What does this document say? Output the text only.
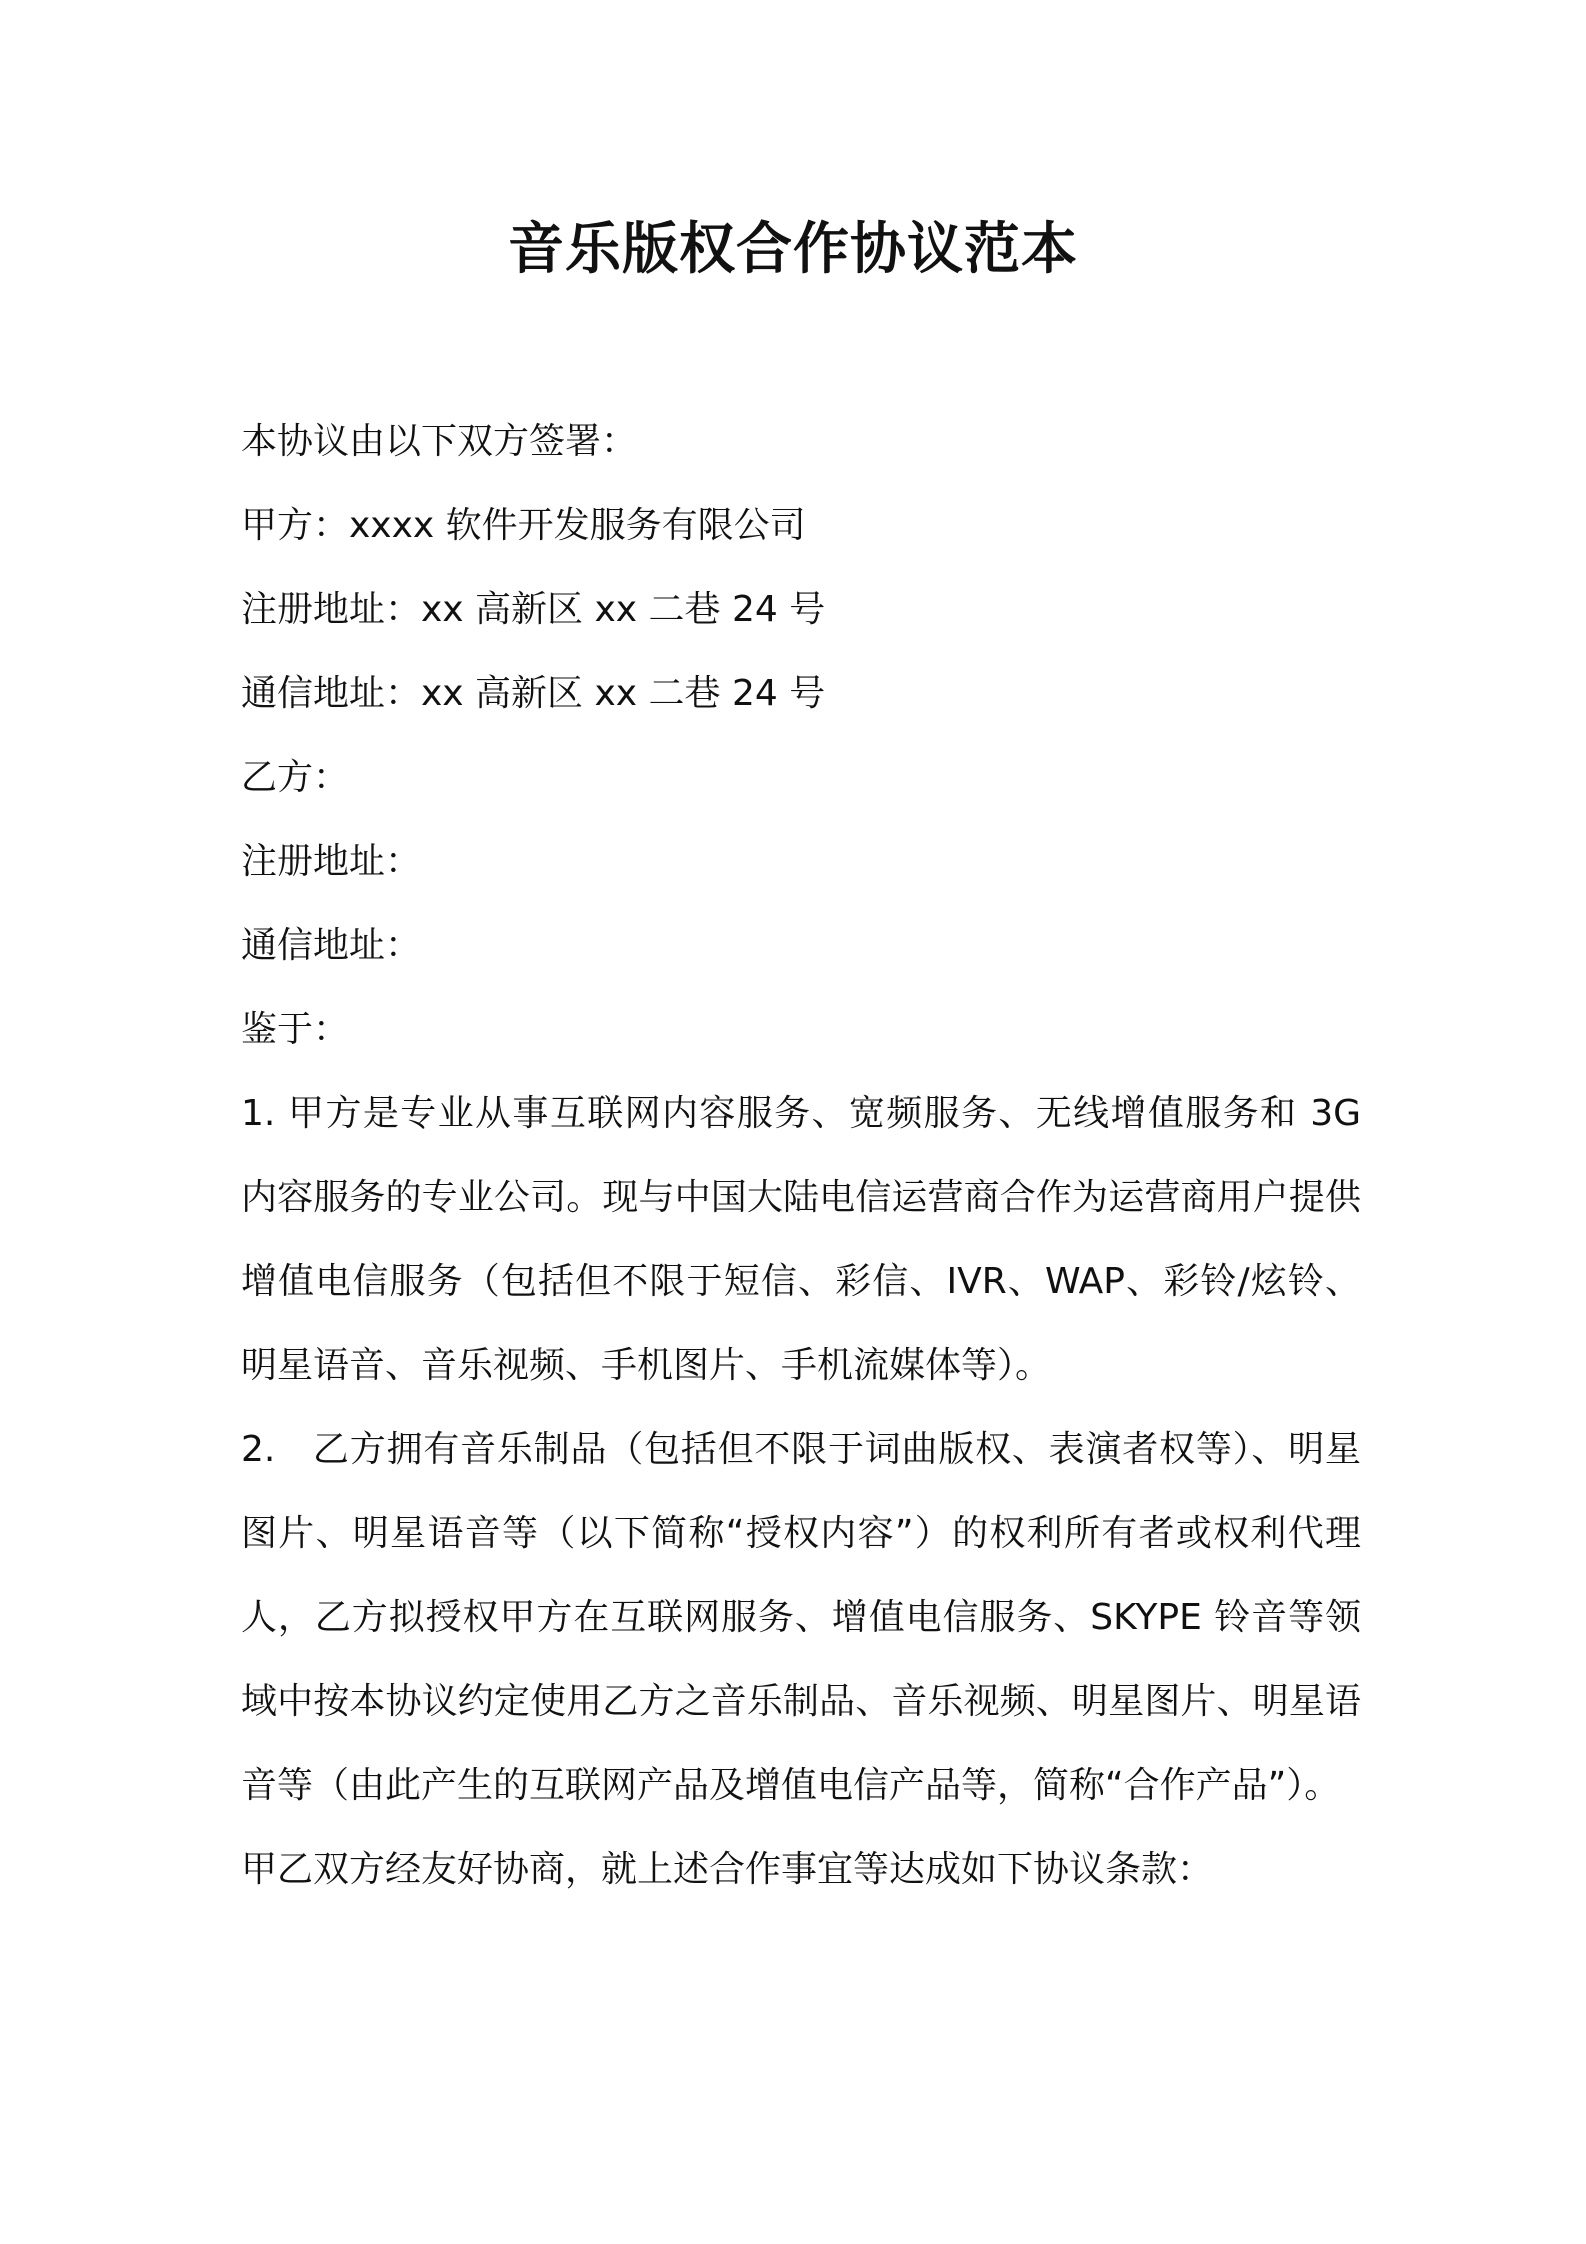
音乐版权合作协议范本

本协议由以下双方签署：

甲方：xxxx 软件开发服务有限公司

注册地址：xx 高新区 xx 二巷 24 号

通信地址：xx 高新区 xx 二巷 24 号

乙方：

注册地址：

通信地址：

鉴于：

1. 甲方是专业从事互联网内容服务、宽频服务、无线增值服务和 3G 内容服务的专业公司。现与中国大陆电信运营商合作为运营商用户提供增值电信服务（包括但不限于短信、彩信、IVR、WAP、彩铃/炫铃、明星语音、音乐视频、手机图片、手机流媒体等）。

2.　乙方拥有音乐制品（包括但不限于词曲版权、表演者权等）、明星图片、明星语音等（以下简称“授权内容”）的权利所有者或权利代理人，乙方拟授权甲方在互联网服务、增值电信服务、SKYPE 铃音等领域中按本协议约定使用乙方之音乐制品、音乐视频、明星图片、明星语音等（由此产生的互联网产品及增值电信产品等，简称“合作产品”）。

甲乙双方经友好协商，就上述合作事宜等达成如下协议条款：
